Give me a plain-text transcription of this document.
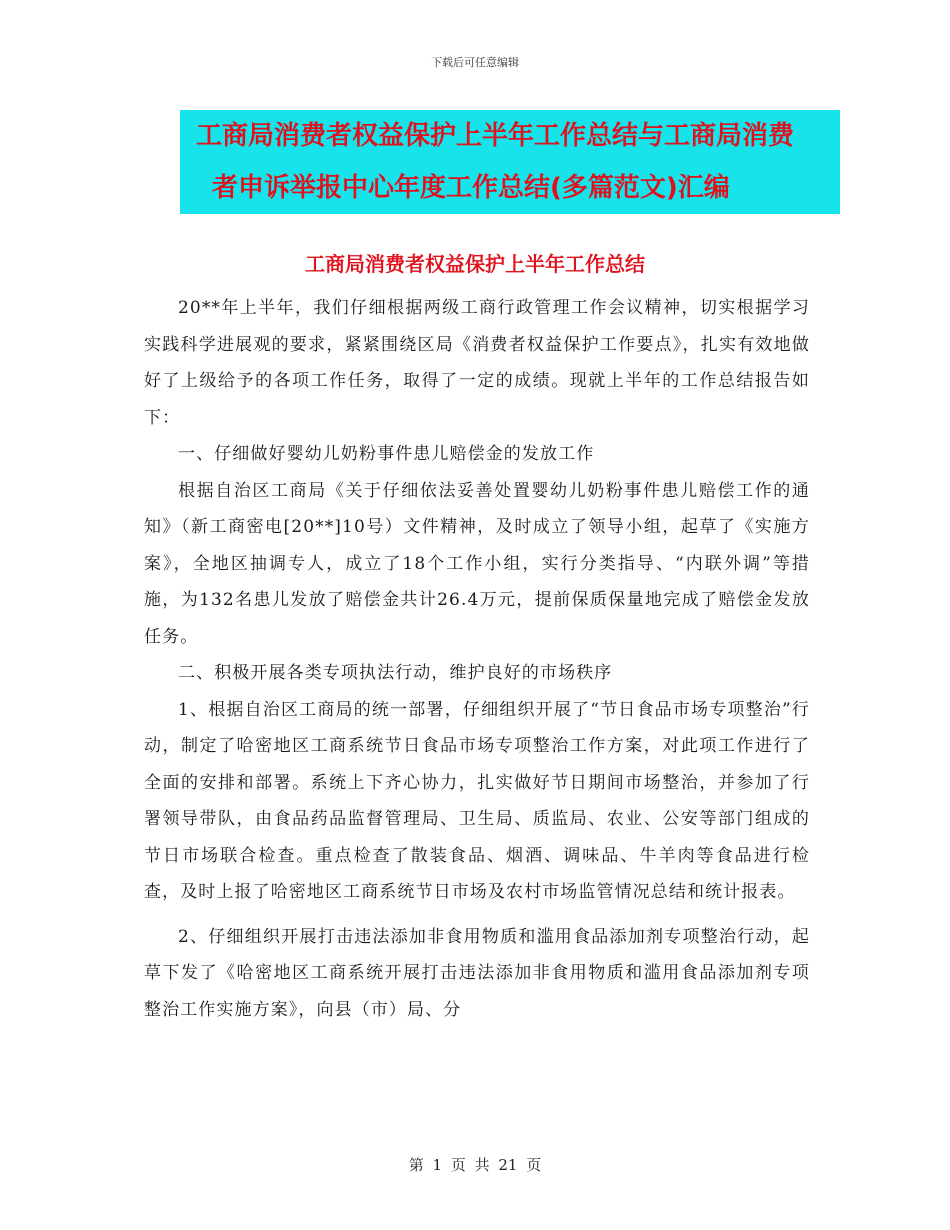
下载后可任意编辑
工商局消费者权益保护上半年工作总结与工商局消费
者申诉举报中心年度工作总结(多篇范文)汇编
工商局消费者权益保护上半年工作总结

20**年上半年，我们仔细根据两级工商行政管理工作会议精神，切实根据学习实践科学进展观的要求，紧紧围绕区局《消费者权益保护工作要点》，扎实有效地做好了上级给予的各项工作任务，取得了一定的成绩。现就上半年的工作总结报告如下：

一、仔细做好婴幼儿奶粉事件患儿赔偿金的发放工作

根据自治区工商局《关于仔细依法妥善处置婴幼儿奶粉事件患儿赔偿工作的通知》（新工商密电[20**]10号）文件精神，及时成立了领导小组，起草了《实施方案》，全地区抽调专人，成立了18个工作小组，实行分类指导、“内联外调”等措施，为132名患儿发放了赔偿金共计26.4万元，提前保质保量地完成了赔偿金发放任务。

二、积极开展各类专项执法行动，维护良好的市场秩序

1、根据自治区工商局的统一部署，仔细组织开展了“节日食品市场专项整治”行动，制定了哈密地区工商系统节日食品市场专项整治工作方案，对此项工作进行了全面的安排和部署。系统上下齐心协力，扎实做好节日期间市场整治，并参加了行署领导带队，由食品药品监督管理局、卫生局、质监局、农业、公安等部门组成的节日市场联合检查。重点检查了散装食品、烟酒、调味品、牛羊肉等食品进行检查，及时上报了哈密地区工商系统节日市场及农村市场监管情况总结和统计报表。

2、仔细组织开展打击违法添加非食用物质和滥用食品添加剂专项整治行动，起草下发了《哈密地区工商系统开展打击违法添加非食用物质和滥用食品添加剂专项整治工作实施方案》，向县（市）局、分

第 1 页 共 21 页
